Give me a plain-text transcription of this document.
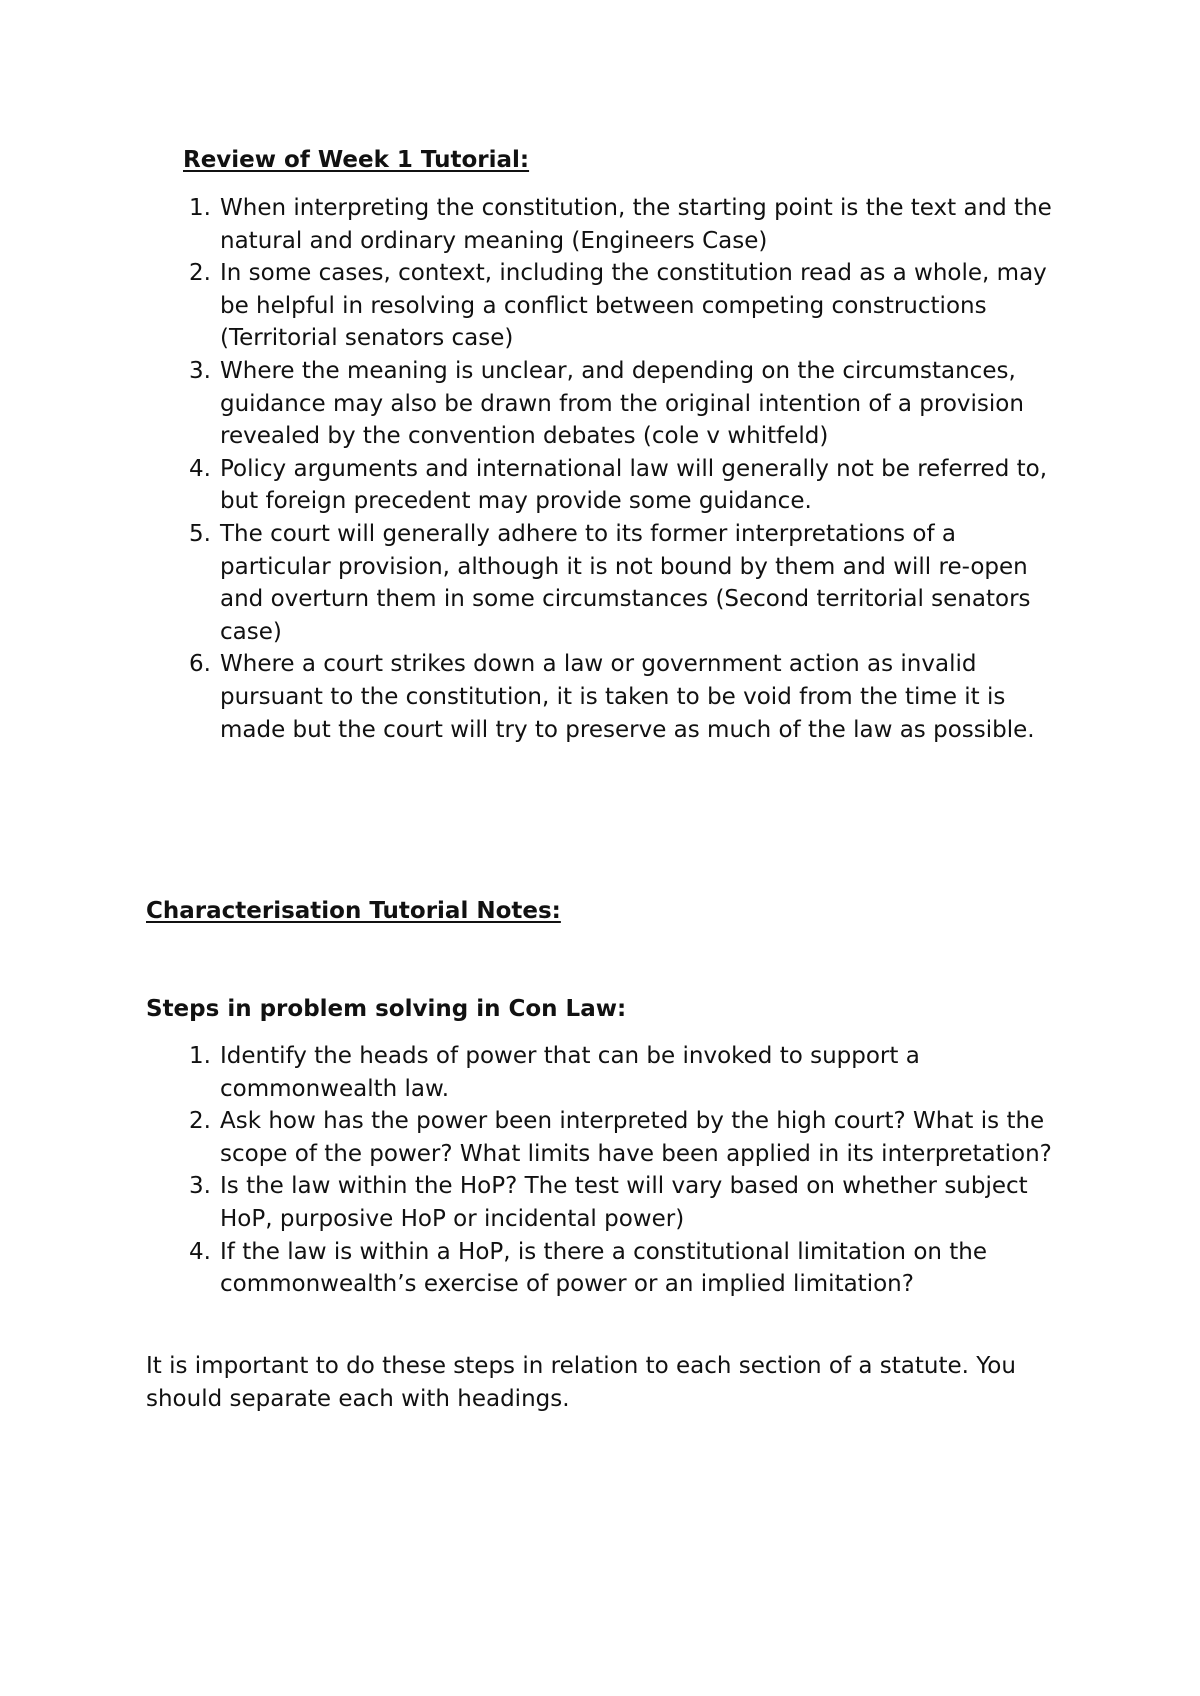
Review of Week 1 Tutorial:
1. When interpreting the constitution, the starting point is the text and the natural and ordinary meaning (Engineers Case)
2. In some cases, context, including the constitution read as a whole, may be helpful in resolving a conflict between competing constructions (Territorial senators case)
3. Where the meaning is unclear, and depending on the circumstances, guidance may also be drawn from the original intention of a provision revealed by the convention debates (cole v whitfeld)
4. Policy arguments and international law will generally not be referred to, but foreign precedent may provide some guidance.
5. The court will generally adhere to its former interpretations of a particular provision, although it is not bound by them and will re-open and overturn them in some circumstances (Second territorial senators case)
6. Where a court strikes down a law or government action as invalid pursuant to the constitution, it is taken to be void from the time it is made but the court will try to preserve as much of the law as possible.
Characterisation Tutorial Notes:
Steps in problem solving in Con Law:
1. Identify the heads of power that can be invoked to support a commonwealth law.
2. Ask how has the power been interpreted by the high court? What is the scope of the power? What limits have been applied in its interpretation?
3. Is the law within the HoP? The test will vary based on whether subject HoP, purposive HoP or incidental power)
4. If the law is within a HoP, is there a constitutional limitation on the commonwealth’s exercise of power or an implied limitation?

It is important to do these steps in relation to each section of a statute. You should separate each with headings.
